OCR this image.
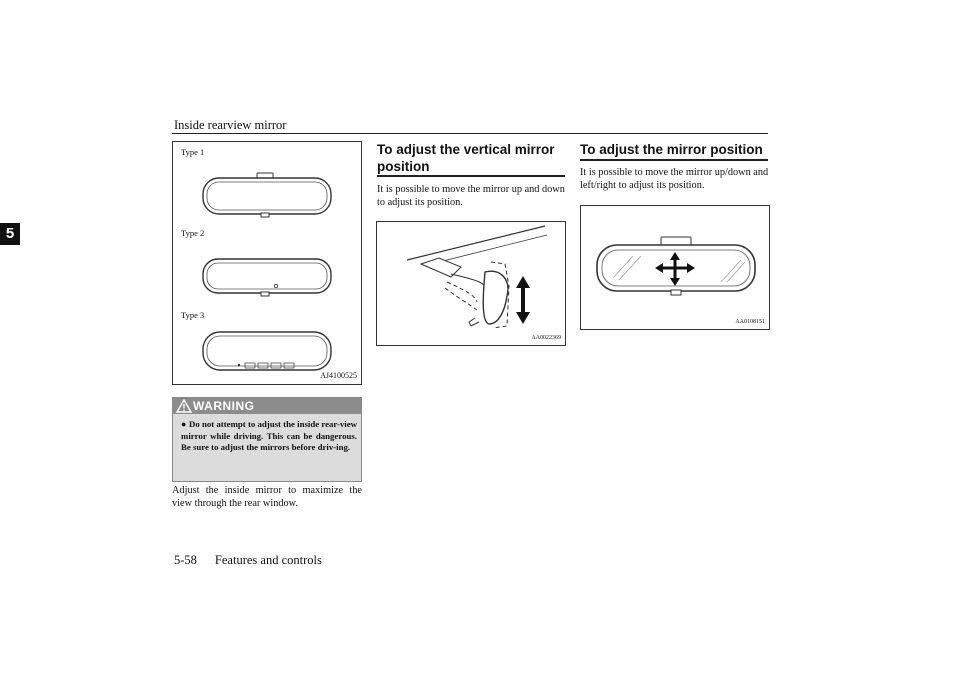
Inside rearview mirror
5
Type 1
Type 2
Type 3
AJ4100525
WARNING
● Do not attempt to adjust the inside rear-view mirror while driving. This can be dangerous. Be sure to adjust the mirrors before driv-ing.
Adjust the inside mirror to maximize the view through the rear window.
To adjust the vertical mirror
position
It is possible to move the mirror up and down to adjust its position.
AA0022369
To adjust the mirror position
It is possible to move the mirror up/down and left/right to adjust its position.
AA0108151
5-58 Features and controls
